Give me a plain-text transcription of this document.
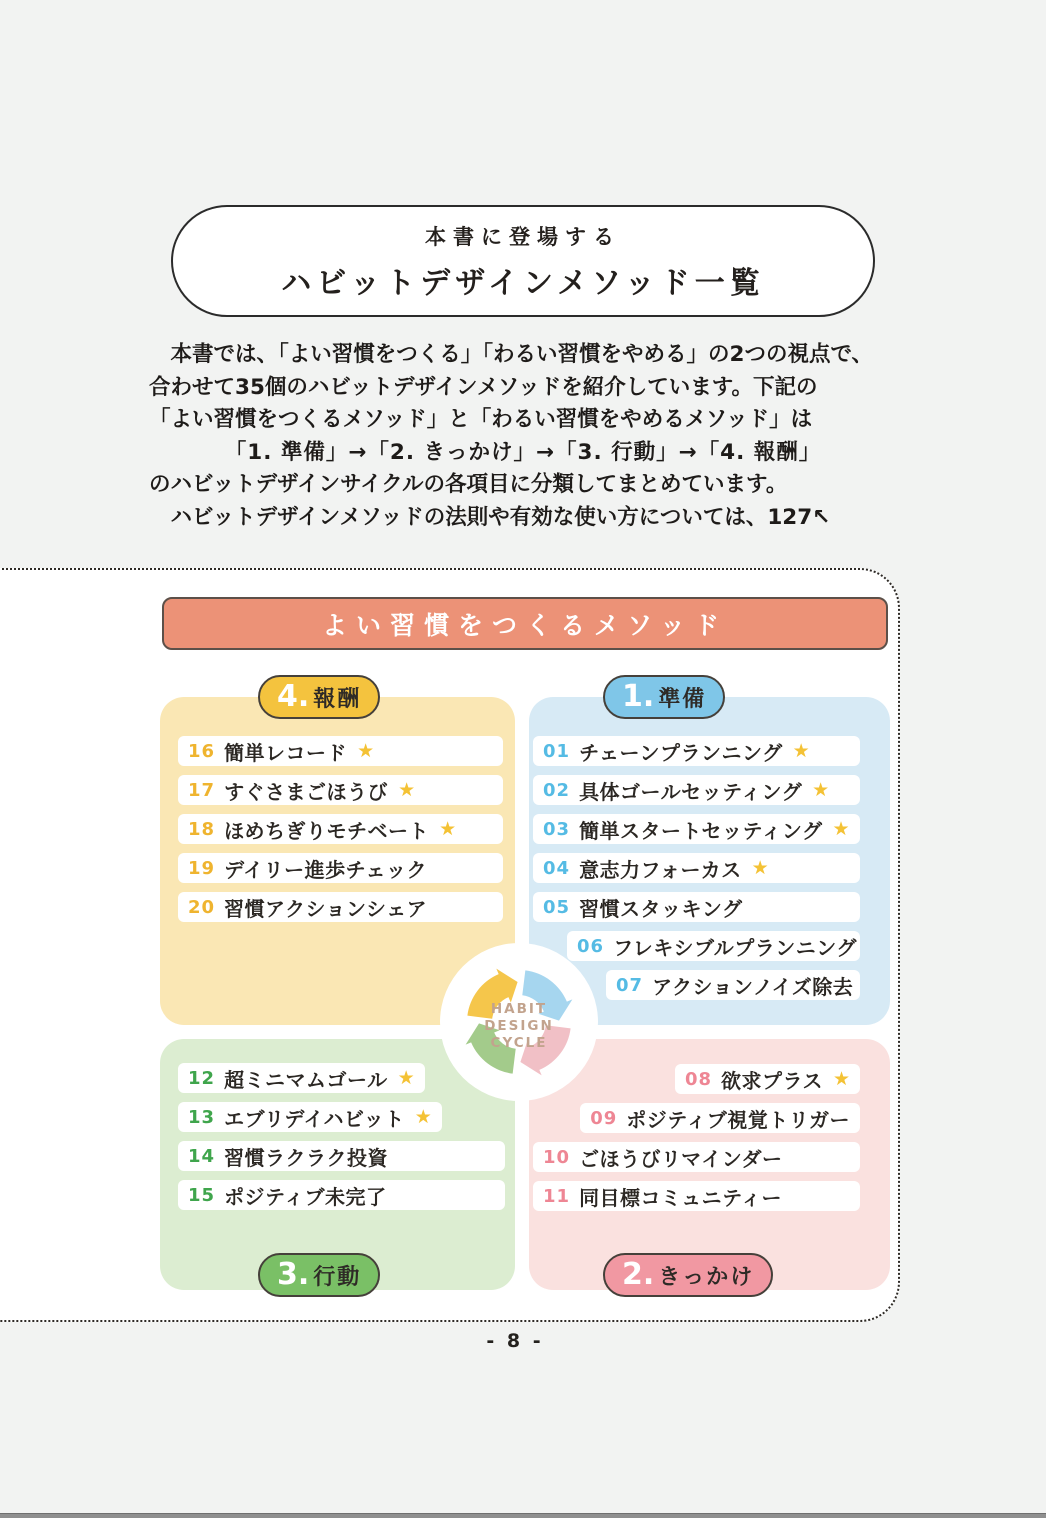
本書に登場する
ハビットデザインメソッド一覧
　本書では、「よい習慣をつくる」「わるい習慣をやめる」の2つの視点で、
合わせて35個のハビットデザインメソッドを紹介しています。下記の
「よい習慣をつくるメソッド」と「わるい習慣をやめるメソッド」は
「1. 準備」→「2. きっかけ」→「3. 行動」→「4. 報酬」
のハビットデザインサイクルの各項目に分類してまとめています。
　ハビットデザインメソッドの法則や有効な使い方については、127↖
よい習慣をつくるメソッド
4. 報酬
16 簡単レコード ★
17 すぐさまごほうび ★
18 ほめちぎりモチベート ★
19 デイリー進歩チェック
20 習慣アクションシェア
1. 準備
01 チェーンプランニング ★
02 具体ゴールセッティング ★
03 簡単スタートセッティング ★
04 意志力フォーカス ★
05 習慣スタッキング
06 フレキシブルプランニング
07 アクションノイズ除去
3. 行動
12 超ミニマムゴール ★
13 エブリデイハビット ★
14 習慣ラクラク投資
15 ポジティブ未完了
2. きっかけ
08 欲求プラス ★
09 ポジティブ視覚トリガー
10 ごほうびリマインダー
11 同目標コミュニティー
HABIT
DESIGN
CYCLE
- 8 -
